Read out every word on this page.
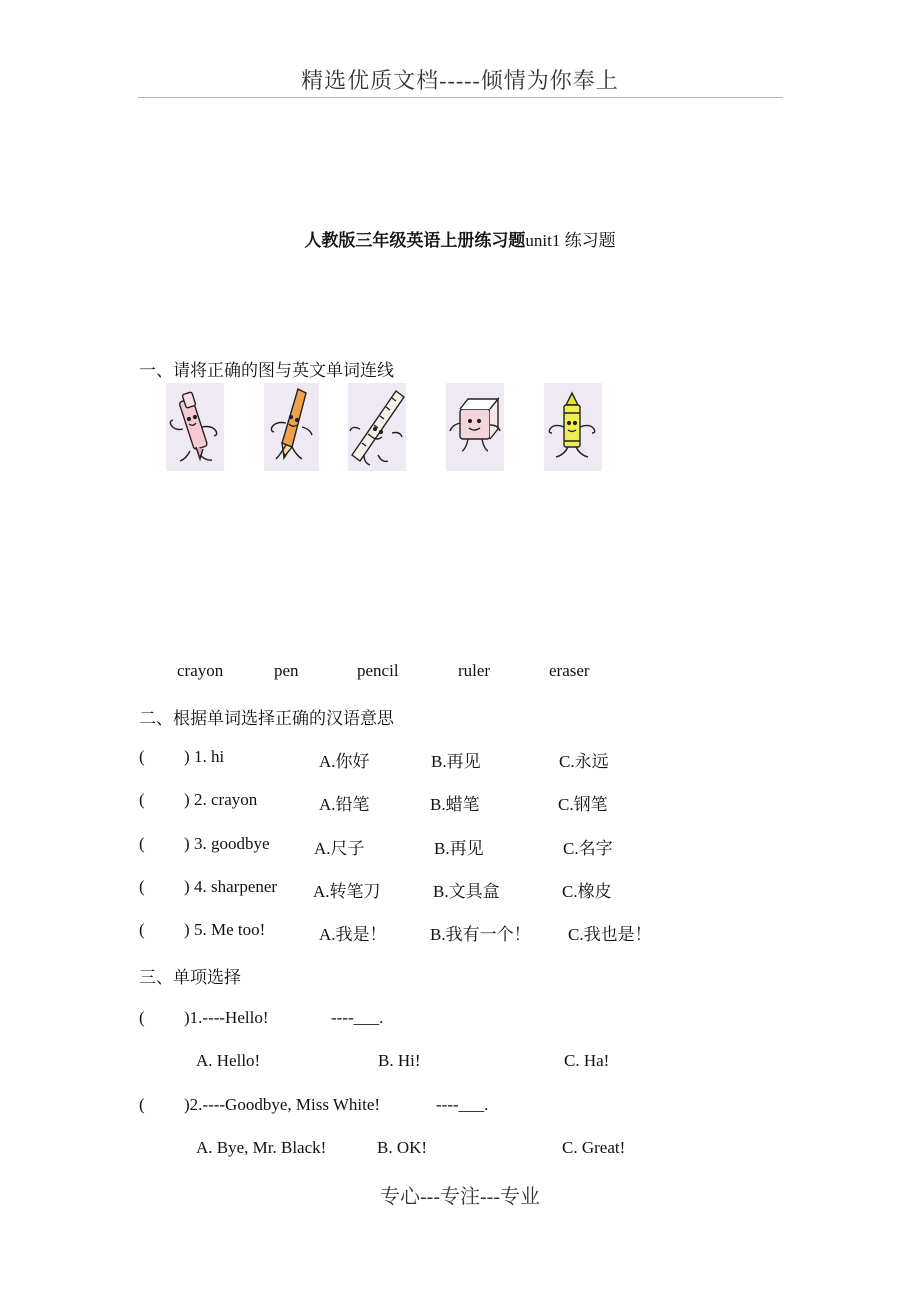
精选优质文档-----倾情为你奉上
人教版三年级英语上册练习题unit1 练习题
一、请将正确的图与英文单词连线
crayon	pen	pencil	ruler	eraser
二、根据单词选择正确的汉语意思
( ) 1. hi	A.你好	B.再见	C.永远
( ) 2. crayon	A.铅笔	B.蜡笔	C.钢笔
( ) 3. goodbye	A.尺子	B.再见	C.名字
( ) 4. sharpener A.转笔刀	B.文具盒	C.橡皮
( ) 5. Me too!	A.我是！	B.我有一个！ C.我也是！
三、单项选择
( )1.----Hello!	----___.
A. Hello!	B. Hi!	C. Ha!
( )2.----Goodbye, Miss White!	----___.
A. Bye, Mr. Black!	B. OK!	C. Great!
专心---专注---专业
